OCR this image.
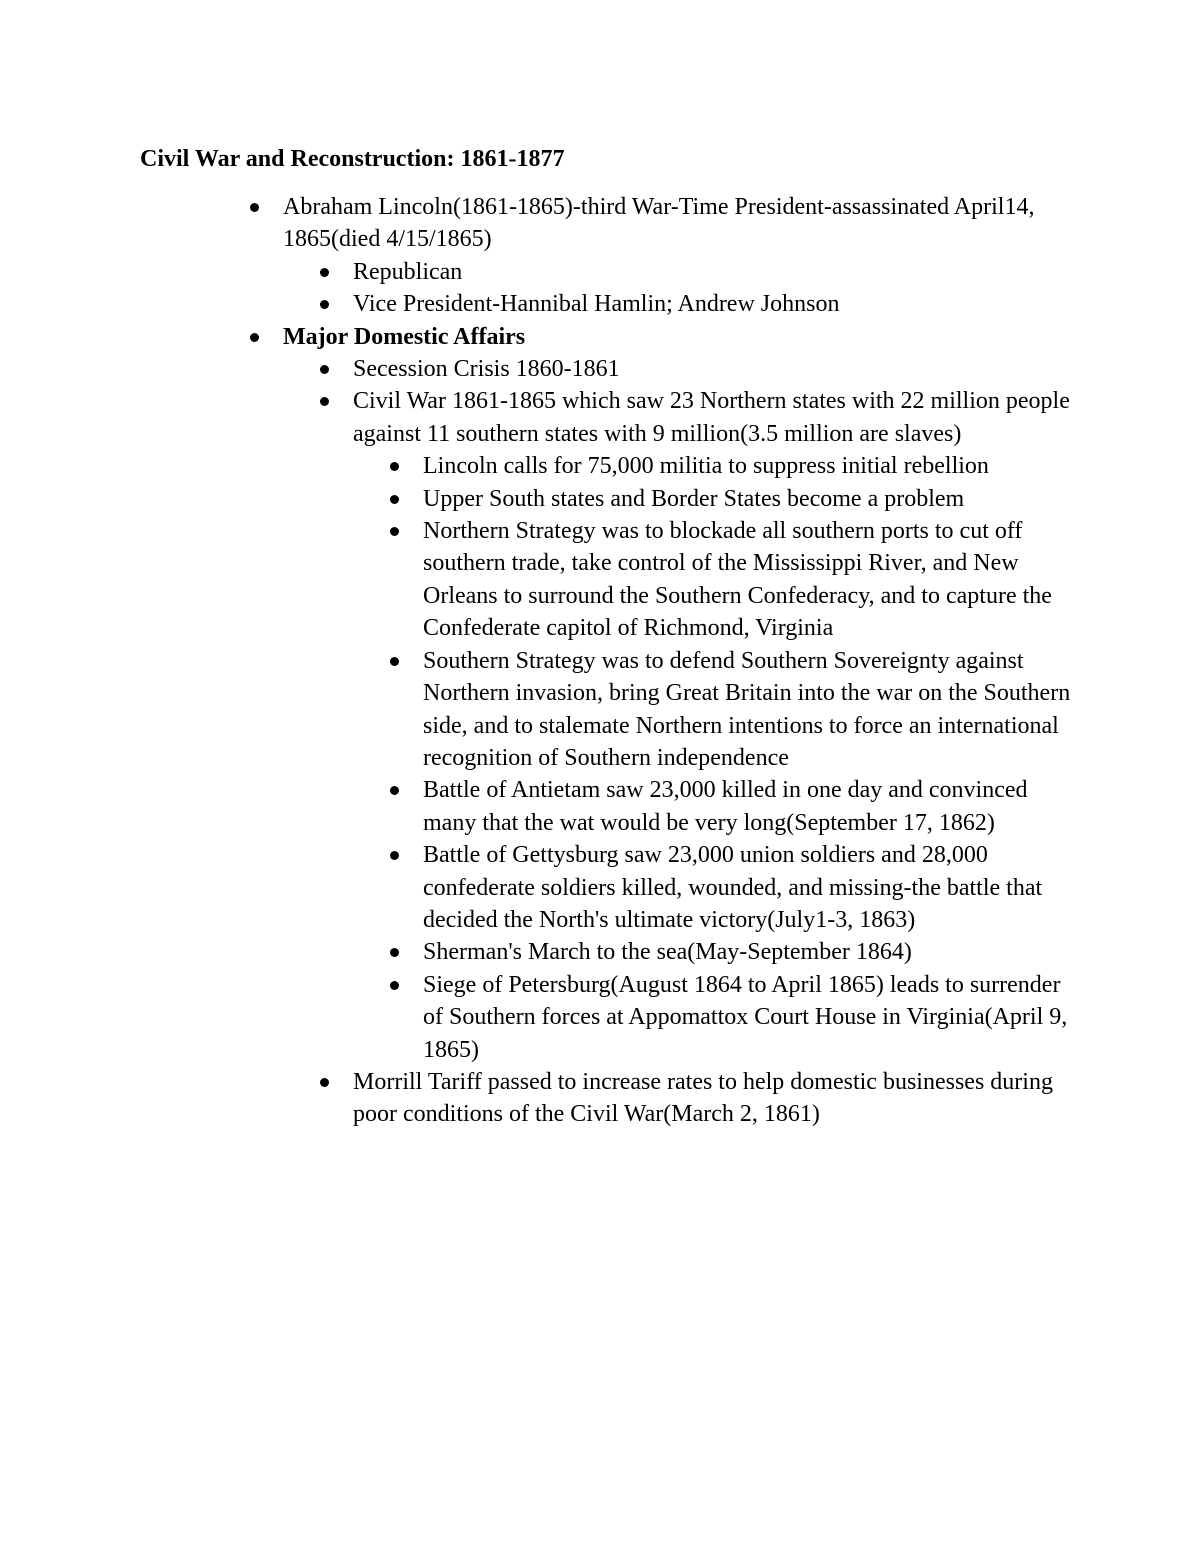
Civil War and Reconstruction: 1861-1877
Abraham Lincoln(1861-1865)-third War-Time President-assassinated April14, 1865(died 4/15/1865)
Republican
Vice President-Hannibal Hamlin; Andrew Johnson
Major Domestic Affairs
Secession Crisis 1860-1861
Civil War 1861-1865 which saw 23 Northern states with 22 million people against 11 southern states with 9 million(3.5 million are slaves)
Lincoln calls for 75,000 militia to suppress initial rebellion
Upper South states and Border States become a problem
Northern Strategy was to blockade all southern ports to cut off southern trade, take control of the Mississippi River, and New Orleans to surround the Southern Confederacy, and to capture the Confederate capitol of Richmond, Virginia
Southern Strategy was to defend Southern Sovereignty against Northern invasion, bring Great Britain into the war on the Southern side, and to stalemate Northern intentions to force an international recognition of Southern independence
Battle of Antietam saw 23,000 killed in one day and convinced many that the wat would be very long(September 17, 1862)
Battle of Gettysburg saw 23,000 union soldiers and 28,000 confederate soldiers killed, wounded, and missing-the battle that decided the North's ultimate victory(July1-3, 1863)
Sherman's March to the sea(May-September 1864)
Siege of Petersburg(August 1864 to April 1865) leads to surrender of Southern forces at Appomattox Court House in Virginia(April 9, 1865)
Morrill Tariff passed to increase rates to help domestic businesses during poor conditions of the Civil War(March 2, 1861)
